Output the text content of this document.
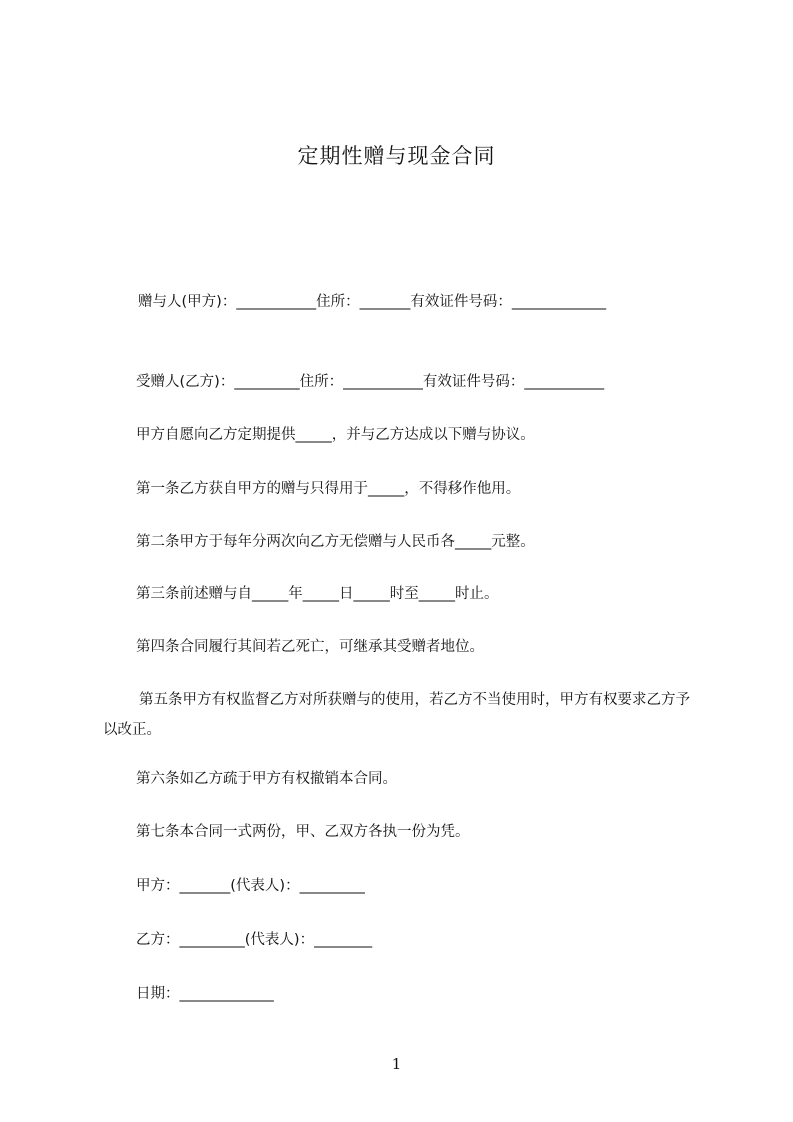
定期性赠与现金合同
赠与人(甲方)：___________住所：_______有效证件号码：_____________
受赠人(乙方)：_________住所：___________有效证件号码：___________
甲方自愿向乙方定期提供_____，并与乙方达成以下赠与协议。
第一条乙方获自甲方的赠与只得用于_____，不得移作他用。
第二条甲方于每年分两次向乙方无偿赠与人民币各_____元整。
第三条前述赠与自_____年_____日_____时至_____时止。
第四条合同履行其间若乙死亡，可继承其受赠者地位。
第五条甲方有权监督乙方对所获赠与的使用，若乙方不当使用时，甲方有权要求乙方予以改正。
第六条如乙方疏于甲方有权撤销本合同。
第七条本合同一式两份，甲、乙双方各执一份为凭。
甲方：_______(代表人)：_________
乙方：_________(代表人)：________
日期：_____________
1
